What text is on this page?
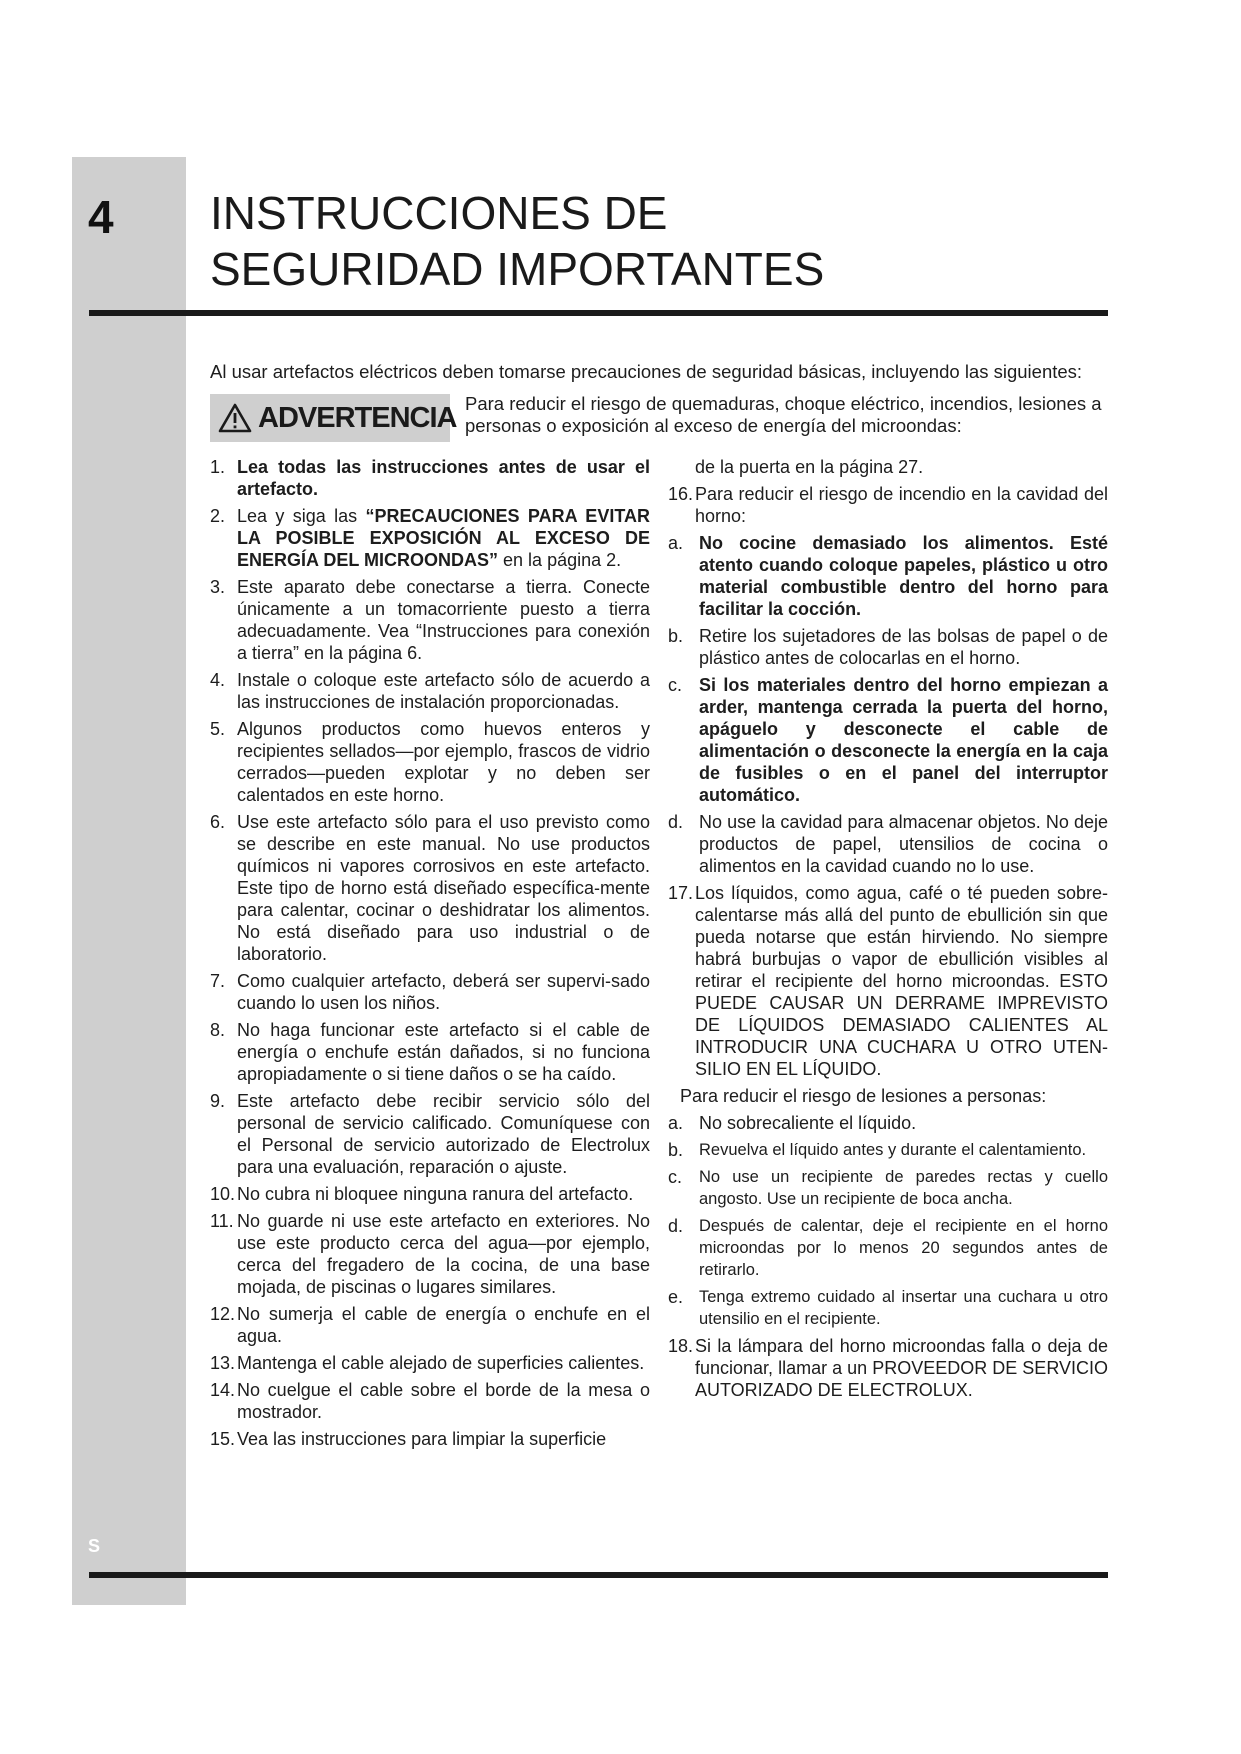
4
S
INSTRUCCIONES DE SEGURIDAD IMPORTANTES

Al usar artefactos eléctricos deben tomarse precauciones de seguridad básicas, incluyendo las siguientes:

ADVERTENCIA Para reducir el riesgo de quemaduras, choque eléctrico, incendios, lesiones a personas o exposición al exceso de energía del microondas:

1. Lea todas las instrucciones antes de usar el artefacto.
2. Lea y siga las “PRECAUCIONES PARA EVITAR LA POSIBLE EXPOSICIÓN AL EXCESO DE ENERGÍA DEL MICROONDAS” en la página 2.
3. Este aparato debe conectarse a tierra. Conecte únicamente a un tomacorriente puesto a tierra adecuadamente. Vea “Instrucciones para conexión a tierra” en la página 6.
4. Instale o coloque este artefacto sólo de acuerdo a las instrucciones de instalación proporcionadas.
5. Algunos productos como huevos enteros y recipientes sellados—por ejemplo, frascos de vidrio cerrados—pueden explotar y no deben ser calentados en este horno.
6. Use este artefacto sólo para el uso previsto como se describe en este manual. No use productos químicos ni vapores corrosivos en este artefacto. Este tipo de horno está diseñado específica-mente para calentar, cocinar o deshidratar los alimentos. No está diseñado para uso industrial o de laboratorio.
7. Como cualquier artefacto, deberá ser supervi-sado cuando lo usen los niños.
8. No haga funcionar este artefacto si el cable de energía o enchufe están dañados, si no funciona apropiadamente o si tiene daños o se ha caído.
9. Este artefacto debe recibir servicio sólo del personal de servicio calificado. Comuníquese con el Personal de servicio autorizado de Electrolux para una evaluación, reparación o ajuste.
10. No cubra ni bloquee ninguna ranura del artefacto.
11. No guarde ni use este artefacto en exteriores. No use este producto cerca del agua—por ejemplo, cerca del fregadero de la cocina, de una base mojada, de piscinas o lugares similares.
12. No sumerja el cable de energía o enchufe en el agua.
13. Mantenga el cable alejado de superficies calientes.
14. No cuelgue el cable sobre el borde de la mesa o mostrador.
15. Vea las instrucciones para limpiar la superficie
de la puerta en la página 27.
16. Para reducir el riesgo de incendio en la cavidad del horno:
a. No cocine demasiado los alimentos. Esté atento cuando coloque papeles, plástico u otro material combustible dentro del horno para facilitar la cocción.
b. Retire los sujetadores de las bolsas de papel o de plástico antes de colocarlas en el horno.
c. Si los materiales dentro del horno empiezan a arder, mantenga cerrada la puerta del horno, apáguelo y desconecte el cable de alimentación o desconecte la energía en la caja de fusibles o en el panel del interruptor automático.
d. No use la cavidad para almacenar objetos. No deje productos de papel, utensilios de cocina o alimentos en la cavidad cuando no lo use.
17. Los líquidos, como agua, café o té pueden sobre-calentarse más allá del punto de ebullición sin que pueda notarse que están hirviendo. No siempre habrá burbujas o vapor de ebullición visibles al retirar el recipiente del horno microondas. ESTO PUEDE CAUSAR UN DERRAME IMPREVISTO DE LÍQUIDOS DEMASIADO CALIENTES AL INTRODUCIR UNA CUCHARA U OTRO UTEN-SILIO EN EL LÍQUIDO.
Para reducir el riesgo de lesiones a personas:
a. No sobrecaliente el líquido.
b. Revuelva el líquido antes y durante el calentamiento.
c.	No use un recipiente de paredes rectas y cuello angosto. Use un recipiente de boca ancha.
d. Después de calentar, deje el recipiente en el horno microondas por lo menos 20 segundos antes de retirarlo.
e. Tenga extremo cuidado al insertar una cuchara u otro utensilio en el recipiente.
18. Si la lámpara del horno microondas falla o deja de funcionar, llamar a un PROVEEDOR DE SERVICIO AUTORIZADO DE ELECTROLUX.
